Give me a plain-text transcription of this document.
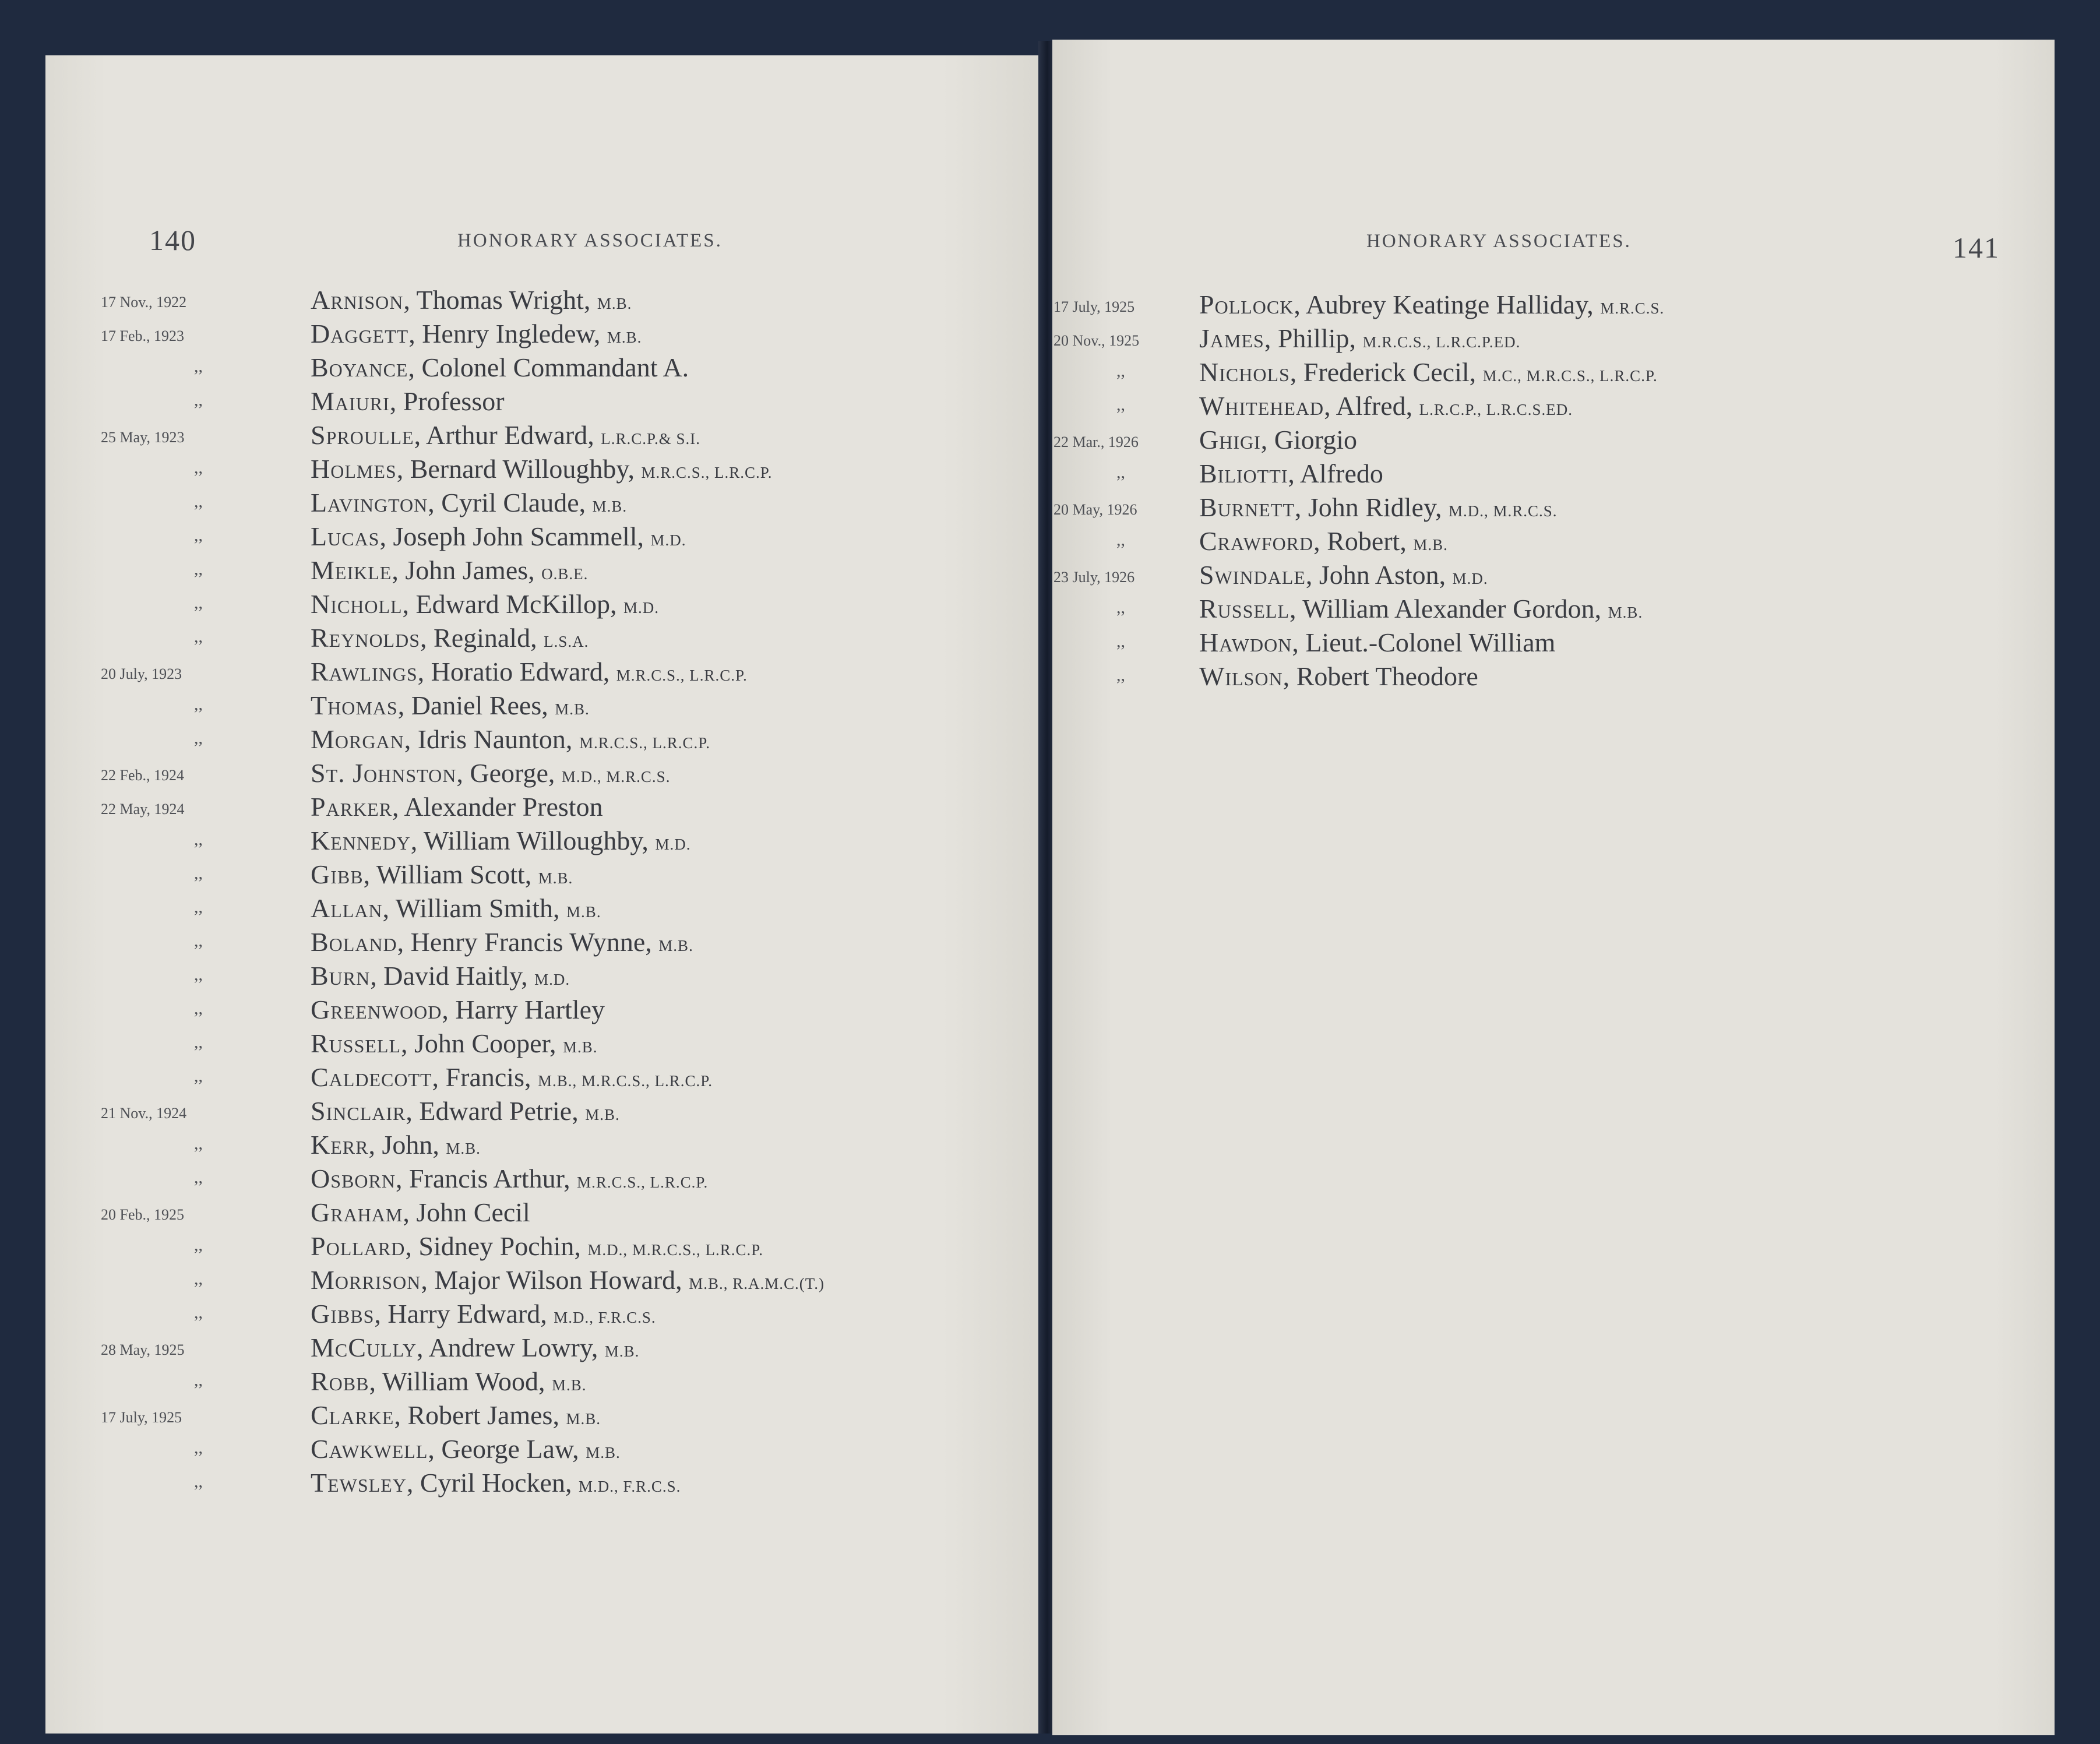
140	HONORARY ASSOCIATES.
17 Nov., 1922	Arnison, Thomas Wright, M.B.
17 Feb., 1923	Daggett, Henry Ingledew, M.B.
,,	Boyance, Colonel Commandant A.
,,	Maiuri, Professor
25 May, 1923	Sproulle, Arthur Edward, L.R.C.P.& S.I.
,,	Holmes, Bernard Willoughby, M.R.C.S., L.R.C.P.
,,	Lavington, Cyril Claude, M.B.
,,	Lucas, Joseph John Scammell, M.D.
,,	Meikle, John James, O.B.E.
,,	Nicholl, Edward McKillop, M.D.
,,	Reynolds, Reginald, L.S.A.
20 July, 1923	Rawlings, Horatio Edward, M.R.C.S., L.R.C.P.
,,	Thomas, Daniel Rees, M.B.
,,	Morgan, Idris Naunton, M.R.C.S., L.R.C.P.
22 Feb., 1924	St. Johnston, George, M.D., M.R.C.S.
22 May, 1924	Parker, Alexander Preston
,,	Kennedy, William Willoughby, M.D.
,,	Gibb, William Scott, M.B.
,,	Allan, William Smith, M.B.
,,	Boland, Henry Francis Wynne, M.B.
,,	Burn, David Haitly, M.D.
,,	Greenwood, Harry Hartley
,,	Russell, John Cooper, M.B.
,,	Caldecott, Francis, M.B., M.R.C.S., L.R.C.P.
21 Nov., 1924	Sinclair, Edward Petrie, M.B.
,,	Kerr, John, M.B.
,,	Osborn, Francis Arthur, M.R.C.S., L.R.C.P.
20 Feb., 1925	Graham, John Cecil
,,	Pollard, Sidney Pochin, M.D., M.R.C.S., L.R.C.P.
,,	Morrison, Major Wilson Howard, M.B., R.A.M.C.(T.)
,,	Gibbs, Harry Edward, M.D., F.R.C.S.
28 May, 1925	McCully, Andrew Lowry, M.B.
,,	Robb, William Wood, M.B.
17 July, 1925	Clarke, Robert James, M.B.
,,	Cawkwell, George Law, M.B.
,,	Tewsley, Cyril Hocken, M.D., F.R.C.S.
141
HONORARY ASSOCIATES.
17 July, 1925 Pollock, Aubrey Keatinge Halliday, M.R.C.S.
20 Nov., 1925 James, Phillip, M.R.C.S., L.R.C.P.ED.
,,	Nichols, Frederick Cecil, M.C., M.R.C.S., L.R.C.P.
,,	Whitehead, Alfred, L.R.C.P., L.R.C.S.ED.
22 Mar., 1926 Ghigi, Giorgio
,,	Biliotti, Alfredo
20 May, 1926 Burnett, John Ridley, M.D., M.R.C.S.
,,	Crawford, Robert, M.B.
23 July, 1926 Swindale, John Aston, M.D.
,,	Russell, William Alexander Gordon, M.B.
,,	Hawdon, Lieut.-Colonel William
,,	Wilson, Robert Theodore
